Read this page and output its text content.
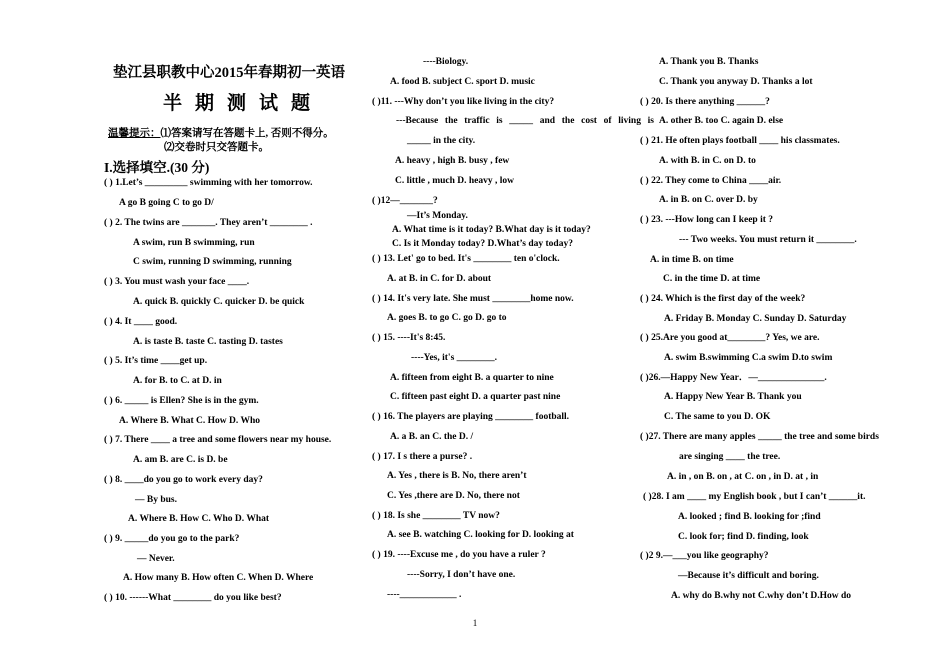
垫江县职教中心2015年春期初一英语
半期测试题
温馨提示：⑴答案请写在答题卡上, 否则不得分。
⑵交卷时只交答题卡。
I.选择填空.(30 分)
( ) 1.Let’s _________ swimming with her tomorrow.
A go B going C to go D/
( ) 2. The twins are _______. They aren’t ________ .
A swim, run B swimming, run
C swim, running D swimming, running
( ) 3. You must wash your face ____.
A. quick B. quickly C. quicker D. be quick
( ) 4. It ____ good.
A. is taste B. taste C. tasting D. tastes
( ) 5. It’s time ____get up.
A. for B. to C. at D. in
( ) 6. _____ is Ellen? She is in the gym.
A. Where B. What C. How D. Who
( ) 7. There ____ a tree and some flowers near my house.
A. am B. are C. is D. be
( ) 8. ____do you go to work every day?
— By bus.
A. Where B. How C. Who D. What
( ) 9. _____do you go to the park?
— Never.
A. How many B. How often C. When D. Where
( ) 10. ------What ________ do you like best?
----Biology.
A. food B. subject C. sport D. music
( )11. ---Why don’t you like living in the city?
---Because the traffic is _____ and the cost of living is
_____ in the city.
A. heavy , high B. busy , few
C. little , much D. heavy , low
( )12—_______?
—It’s Monday.
A. What time is it today? B.What day is it today?
C. Is it Monday today? D.What’s day today?
( ) 13. Let' go to bed. It's ________ ten o'clock.
A. at B. in C. for D. about
( ) 14. It's very late. She must ________home now.
A. goes B. to go C. go D. go to
( ) 15. ----It's 8:45.
----Yes, it's ________.
A. fifteen from eight B. a quarter to nine
C. fifteen past eight D. a quarter past nine
( ) 16. The players are playing ________ football.
A. a B. an C. the D. /
( ) 17. I s there a purse? .
A. Yes , there is B. No, there aren’t
C. Yes ,there are D. No, there not
( ) 18. Is she ________ TV now?
A. see B. watching C. looking for D. looking at
( ) 19. ----Excuse me , do you have a ruler ?
----Sorry, I don’t have one.
----____________ .
A. Thank you B. Thanks
C. Thank you anyway D. Thanks a lot
( ) 20. Is there anything ______?
A. other B. too C. again D. else
( ) 21. He often plays football ____ his classmates.
A. with B. in C. on D. to
( ) 22. They come to China ____air.
A. in B. on C. over D. by
( ) 23. ---How long can I keep it ?
--- Two weeks. You must return it ________.
A. in time B. on time
C. in the time D. at time
( ) 24. Which is the first day of the week?
A. Friday B. Monday C. Sunday D. Saturday
( ) 25.Are you good at________? Yes, we are.
A. swim B.swimming C.a swim D.to swim
( )26.—Happy New Year．—______________.
A. Happy New Year B. Thank you
C. The same to you D. OK
( )27. There are many apples _____ the tree and some birds
are singing ____ the tree.
A. in , on B. on , at C. on , in D. at , in
( )28. I am ____ my English book , but I can’t ______it.
A. looked ; find B. looking for ;find
C. look for; find D. finding, look
( )2 9.—___you like geography?
—Because it’s difficult and boring.
A. why do B.why not C.why don’t D.How do
1
